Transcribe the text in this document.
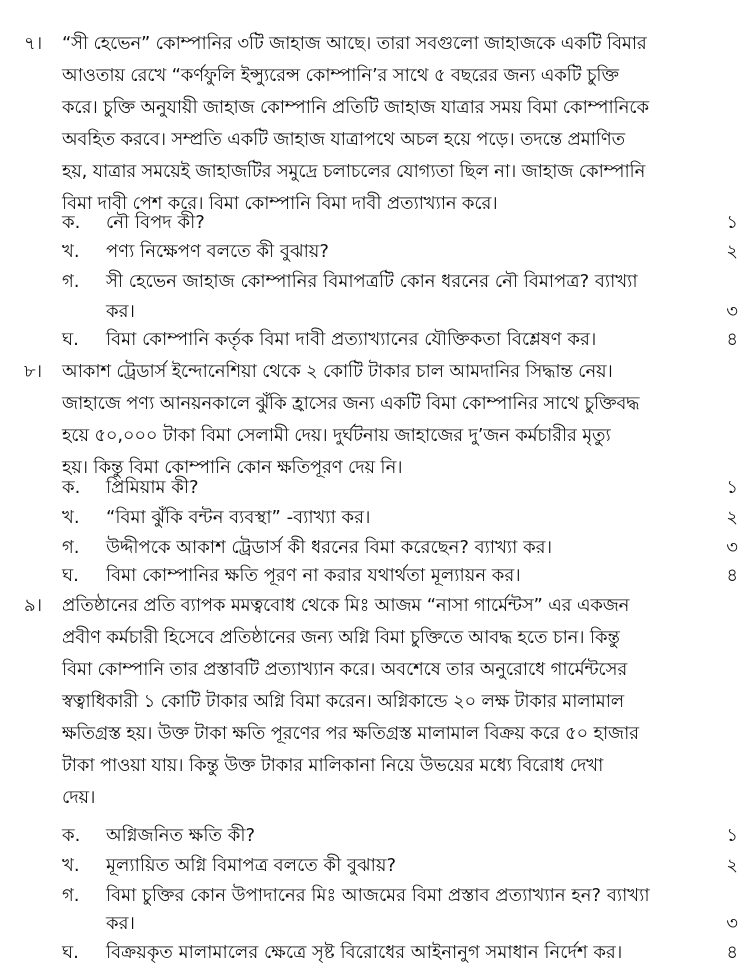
৭। “সী হেভেন” কোম্পানির ৩টি জাহাজ আছে। তারা সবগুলো জাহাজকে একটি বিমার
আওতায় রেখে “কর্ণফুলি ইন্স্যুরেন্স কোম্পানি’র সাথে ৫ বছরের জন্য একটি চুক্তি
করে। চুক্তি অনুযায়ী জাহাজ কোম্পানি প্রতিটি জাহাজ যাত্রার সময় বিমা কোম্পানিকে
অবহিত করবে। সম্প্রতি একটি জাহাজ যাত্রাপথে অচল হয়ে পড়ে। তদন্তে প্রমাণিত
হয়, যাত্রার সময়েই জাহাজটির সমুদ্রে চলাচলের যোগ্যতা ছিল না। জাহাজ কোম্পানি
বিমা দাবী পেশ করে। বিমা কোম্পানি বিমা দাবী প্রত্যাখ্যান করে।
ক. নৌ বিপদ কী?	১
খ. পণ্য নিক্ষেপণ বলতে কী বুঝায়?	২
গ. সী হেভেন জাহাজ কোম্পানির বিমাপত্রটি কোন ধরনের নৌ বিমাপত্র? ব্যাখ্যা
কর।	৩
ঘ. বিমা কোম্পানি কর্তৃক বিমা দাবী প্রত্যাখ্যানের যৌক্তিকতা বিশ্লেষণ কর।	৪
৮। আকাশ ট্রেডার্স ইন্দোনেশিয়া থেকে ২ কোটি টাকার চাল আমদানির সিদ্ধান্ত নেয়।
জাহাজে পণ্য আনয়নকালে ঝুঁকি হ্রাসের জন্য একটি বিমা কোম্পানির সাথে চুক্তিবদ্ধ
হয়ে ৫০,০০০ টাকা বিমা সেলামী দেয়। দুর্ঘটনায় জাহাজের দু’জন কর্মচারীর মৃত্যু
হয়। কিন্তু বিমা কোম্পানি কোন ক্ষতিপূরণ দেয় নি।
ক. প্রিমিয়াম কী?	১
খ. “বিমা ঝুঁকি বন্টন ব্যবস্থা” -ব্যাখ্যা কর।	২
গ. উদ্দীপকে আকাশ ট্রেডার্স কী ধরনের বিমা করেছেন? ব্যাখ্যা কর।	৩
ঘ. বিমা কোম্পানির ক্ষতি পূরণ না করার যথার্থতা মূল্যায়ন কর।	৪
৯। প্রতিষ্ঠানের প্রতি ব্যাপক মমত্ববোধ থেকে মিঃ আজম “নাসা গার্মেন্টস” এর একজন
প্রবীণ কর্মচারী হিসেবে প্রতিষ্ঠানের জন্য অগ্নি বিমা চুক্তিতে আবদ্ধ হতে চান। কিন্তু
বিমা কোম্পানি তার প্রস্তাবটি প্রত্যাখ্যান করে। অবশেষে তার অনুরোধে গার্মেন্টসের
স্বত্বাধিকারী ১ কোটি টাকার অগ্নি বিমা করেন। অগ্নিকান্ডে ২০ লক্ষ টাকার মালামাল
ক্ষতিগ্রস্ত হয়। উক্ত টাকা ক্ষতি পূরণের পর ক্ষতিগ্রস্ত মালামাল বিক্রয় করে ৫০ হাজার
টাকা পাওয়া যায়। কিন্তু উক্ত টাকার মালিকানা নিয়ে উভয়ের মধ্যে বিরোধ দেখা
দেয়।
ক. অগ্নিজনিত ক্ষতি কী?	১
খ. মূল্যায়িত অগ্নি বিমাপত্র বলতে কী বুঝায়?	২
গ. বিমা চুক্তির কোন উপাদানের মিঃ আজমের বিমা প্রস্তাব প্রত্যাখ্যান হন? ব্যাখ্যা
কর।	৩
ঘ. বিক্রয়কৃত মালামালের ক্ষেত্রে সৃষ্ট বিরোধের আইনানুগ সমাধান নির্দেশ কর।	৪
